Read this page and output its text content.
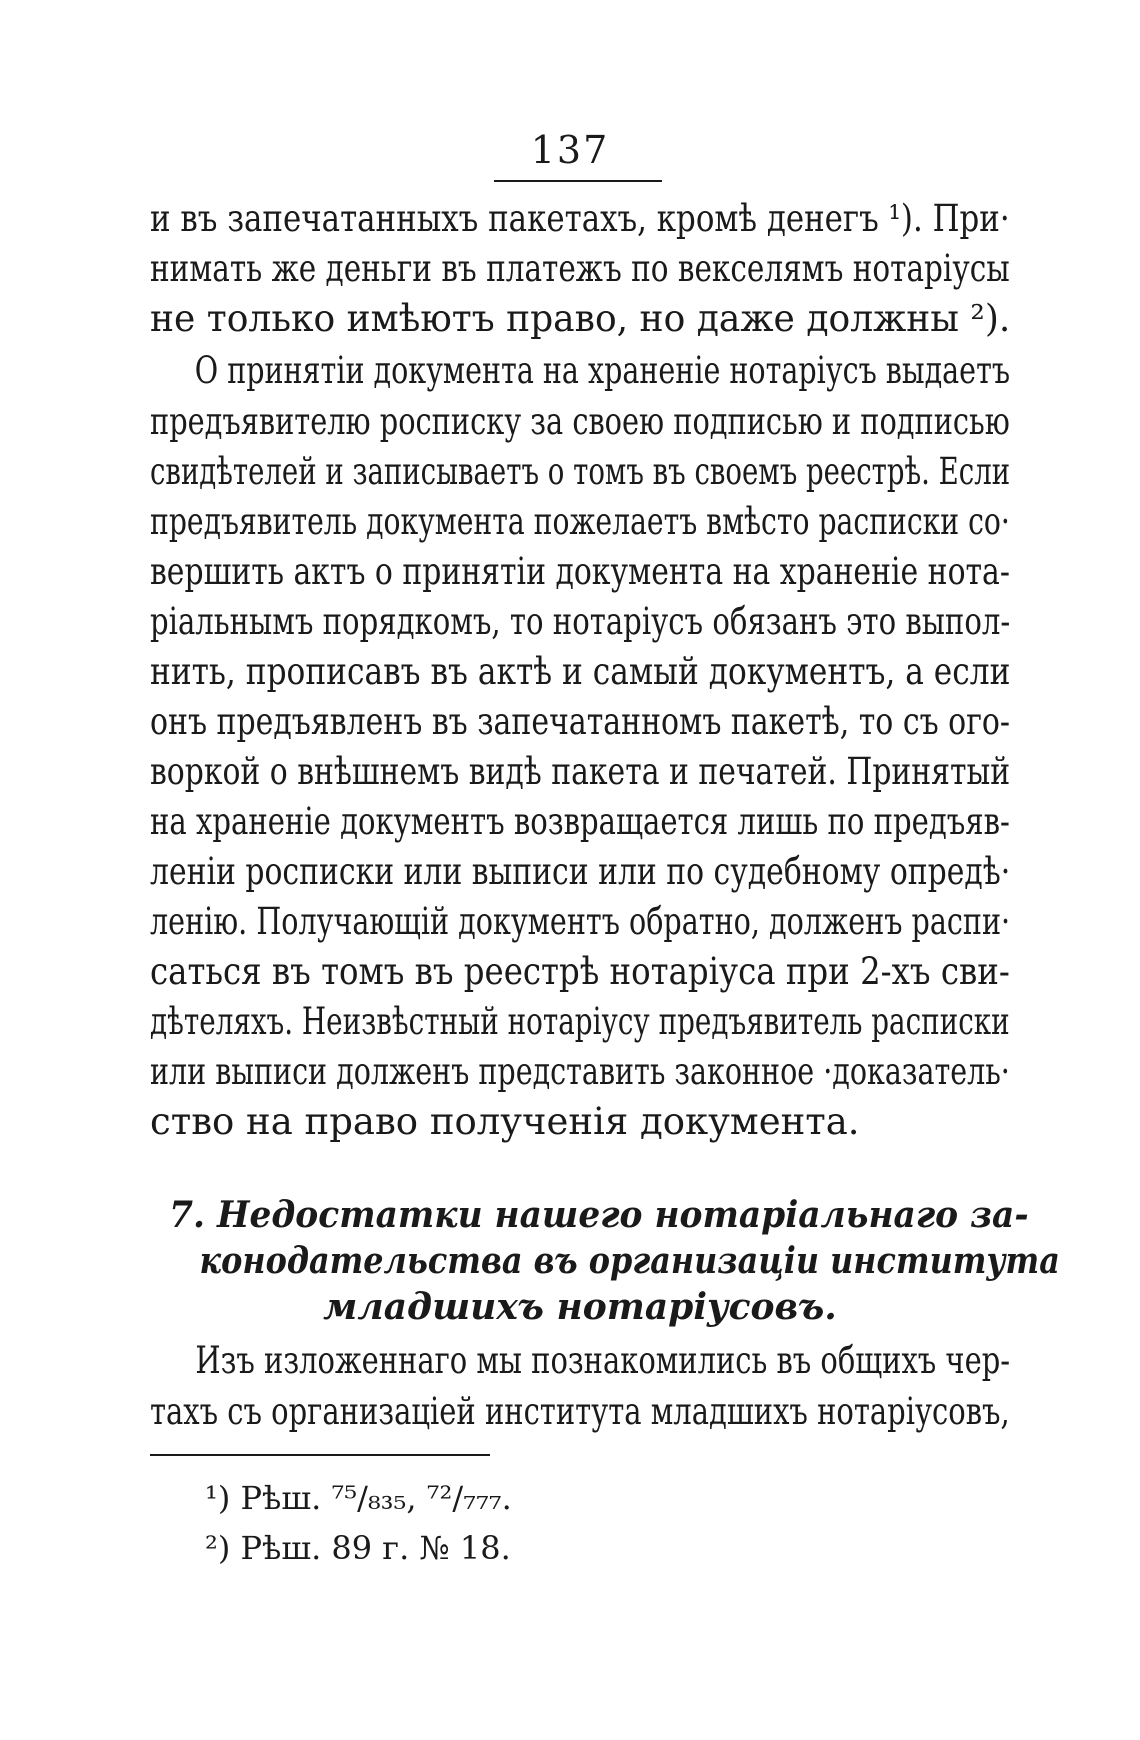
137
и въ запечатанныхъ пакетахъ, кромѣ денегъ ¹). При·
нимать же деньги въ платежъ по векселямъ нотаріусы
не только имѣютъ право, но даже должны ²).
О принятіи документа на храненіе нотаріусъ выдаетъ
предъявителю росписку за своею подписью и подписью
свидѣтелей и записываетъ о томъ въ своемъ реестрѣ. Если
предъявитель документа пожелаетъ вмѣсто расписки со·
вершить актъ о принятіи документа на храненіе нота-
ріальнымъ порядкомъ, то нотаріусъ обязанъ это выпол-
нить, прописавъ въ актѣ и самый документъ, а если
онъ предъявленъ въ запечатанномъ пакетѣ, то съ ого-
воркой о внѣшнемъ видѣ пакета и печатей. Принятый
на храненіе документъ возвращается лишь по предъяв-
леніи росписки или выписи или по судебному опредѣ·
ленію. Получающій документъ обратно, долженъ распи·
саться въ томъ въ реестрѣ нотаріуса при 2-хъ сви-
дѣтеляхъ. Неизвѣстный нотаріусу предъявитель расписки
или выписи долженъ представить законное ·доказатель·
ство на право полученія документа.
7. Недостатки нашего нотаріальнаго за-
конодательства въ организаціи института
младшихъ нотаріусовъ.
Изъ изложеннаго мы познакомились въ общихъ чер-
тахъ съ организаціей института младшихъ нотаріусовъ,
¹) Рѣш. ⁷⁵/₈₃₅, ⁷²/₇₇₇.
²) Рѣш. 89 г. № 18.
